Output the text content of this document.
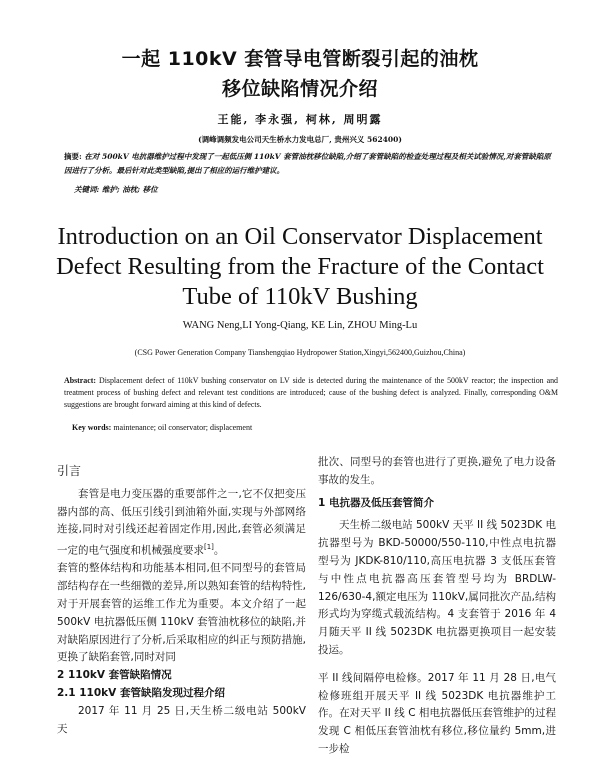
一起 110kV 套管导电管断裂引起的油枕
移位缺陷情况介绍
王能, 李永强, 柯林, 周明露
(调峰调频发电公司天生桥水力发电总厂, 贵州兴义 562400)
摘要: 在对 500kV 电抗器维护过程中发现了一起低压侧 110kV 套管油枕移位缺陷,介绍了套管缺陷的检查处理过程及相关试验情况,对套管缺陷原因进行了分析。最后针对此类型缺陷,提出了相应的运行维护建议。
关键词: 维护; 油枕; 移位
Introduction on an Oil Conservator Displacement
Defect Resulting from the Fracture of the Contact
Tube of 110kV Bushing
WANG Neng,LI Yong-Qiang, KE Lin, ZHOU Ming-Lu
(CSG Power Generation Company Tianshengqiao Hydropower Station,Xingyi,562400,Guizhou,China)
Abstract: Displacement defect of 110kV bushing conservator on LV side is detected during the maintenance of the 500kV reactor; the inspection and treatment process of bushing defect and relevant test conditions are introduced; cause of the bushing defect is analyzed. Finally, corresponding O&M suggestions are brought forward aiming at this kind of defects.
Key words: maintenance; oil conservator; displacement

引言

套管是电力变压器的重要部件之一,它不仅把变压器内部的高、低压引线引到油箱外面,实现与外部网络连接,同时对引线还起着固定作用,因此,套管必须满足一定的电气强度和机械强度要求[1]。

套管的整体结构和功能基本相同,但不同型号的套管局部结构存在一些细微的差异,所以熟知套管的结构特性,对于开展套管的运维工作尤为重要。本文介绍了一起 500kV 电抗器低压侧 110kV 套管油枕移位的缺陷,并对缺陷原因进行了分析,后采取相应的纠正与预防措施,更换了缺陷套管,同时对同

2 110kV 套管缺陷情况

2.1 110kV 套管缺陷发现过程介绍

2017 年 11 月 25 日,天生桥二级电站 500kV 天

批次、同型号的套管也进行了更换,避免了电力设备事故的发生。

1 电抗器及低压套管简介

天生桥二级电站 500kV 天平 II 线 5023DK 电抗器型号为 BKD-50000/550-110,中性点电抗器型号为 JKDK-810/110,高压电抗器 3 支低压套管与中性点电抗器高压套管型号均为 BRDLW-126/630-4,额定电压为 110kV,属同批次产品,结构形式均为穿缆式载流结构。4 支套管于 2016 年 4 月随天平 II 线 5023DK 电抗器更换项目一起安装投运。

平 II 线间隔停电检修。2017 年 11 月 28 日,电气检修班组开展天平 II 线 5023DK 电抗器维护工作。在对天平 II 线 C 相电抗器低压套管维护的过程发现 C 相低压套管油枕有移位,移位量约 5mm,进一步检
